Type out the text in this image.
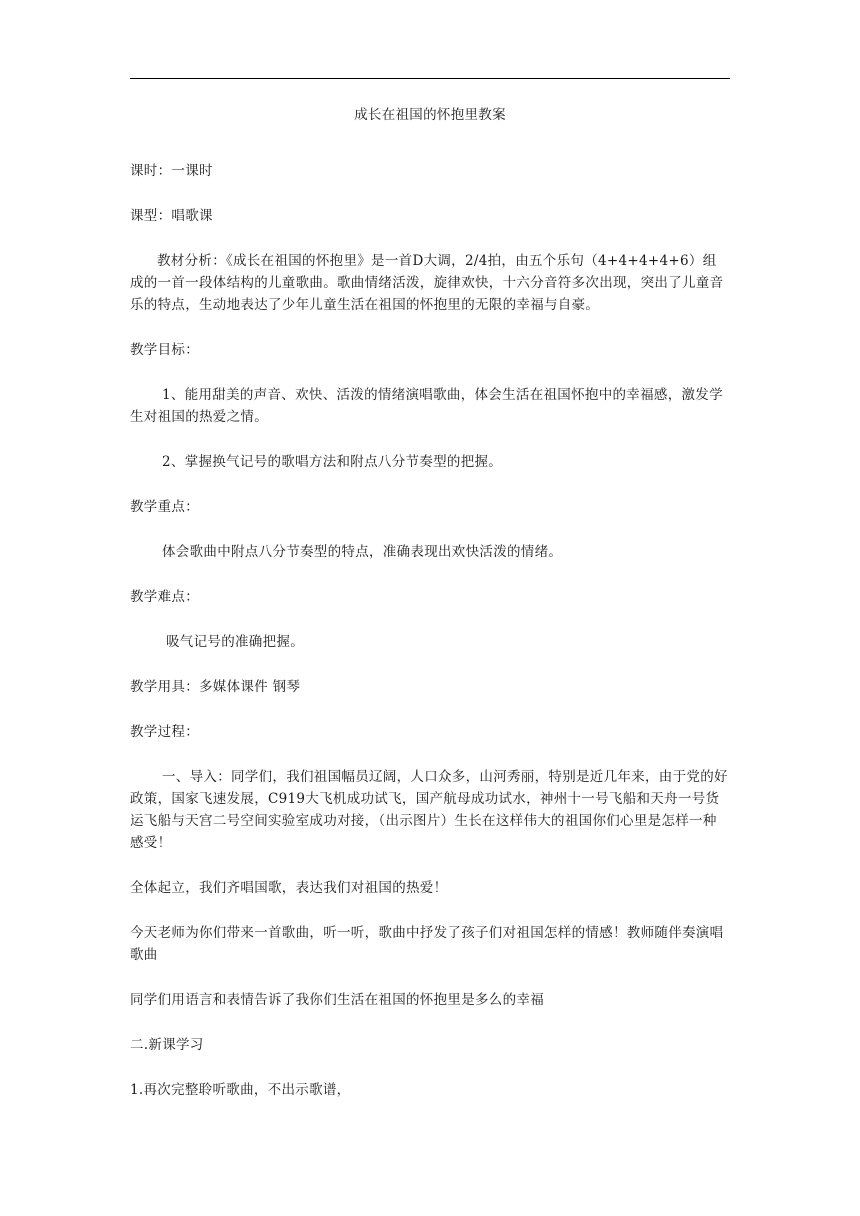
成长在祖国的怀抱里教案

课时：一课时

课型：唱歌课

教材分析：《成长在祖国的怀抱里》是一首D大调，2/4拍，由五个乐句（4+4+4+4+6）组成的一首一段体结构的儿童歌曲。歌曲情绪活泼，旋律欢快，十六分音符多次出现，突出了儿童音乐的特点，生动地表达了少年儿童生活在祖国的怀抱里的无限的幸福与自豪。

教学目标：

1、能用甜美的声音、欢快、活泼的情绪演唱歌曲，体会生活在祖国怀抱中的幸福感，激发学生对祖国的热爱之情。

2、掌握换气记号的歌唱方法和附点八分节奏型的把握。

教学重点：

体会歌曲中附点八分节奏型的特点，准确表现出欢快活泼的情绪。

教学难点：

吸气记号的准确把握。

教学用具：多媒体课件 钢琴

教学过程：

一、导入：同学们，我们祖国幅员辽阔，人口众多，山河秀丽，特别是近几年来，由于党的好政策，国家飞速发展，C919大飞机成功试飞，国产航母成功试水，神州十一号飞船和天舟一号货运飞船与天宫二号空间实验室成功对接，（出示图片）生长在这样伟大的祖国你们心里是怎样一种感受！

全体起立，我们齐唱国歌，表达我们对祖国的热爱！

今天老师为你们带来一首歌曲，听一听，歌曲中抒发了孩子们对祖国怎样的情感！教师随伴奏演唱歌曲

同学们用语言和表情告诉了我你们生活在祖国的怀抱里是多么的幸福

二.新课学习

1.再次完整聆听歌曲，不出示歌谱，
